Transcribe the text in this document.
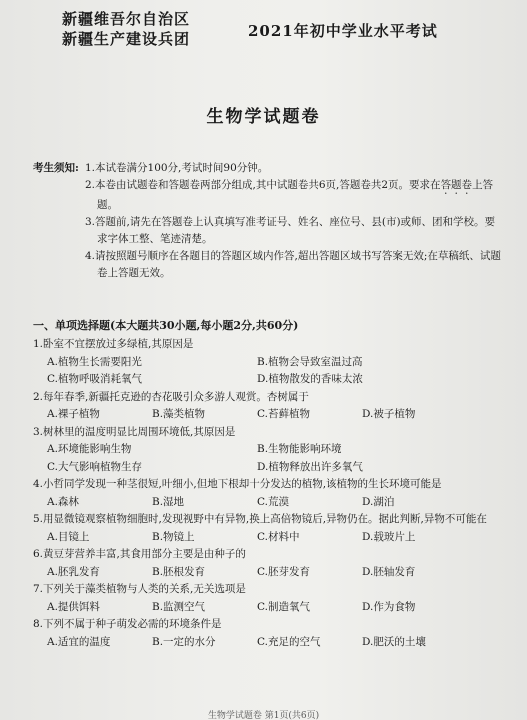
新疆维吾尔自治区
新疆生产建设兵团	2021年初中学业水平考试
生物学试题卷
考生须知: 1.本试卷满分100分,考试时间90分钟。
2.本卷由试题卷和答题卷两部分组成,其中试题卷共6页,答题卷共2页。要求在答题卷上答题。
3.答题前,请先在答题卷上认真填写准考证号、姓名、座位号、县(市)或师、团和学校。要求字体工整、笔迹清楚。
4.请按照题号顺序在各题目的答题区域内作答,超出答题区域书写答案无效;在草稿纸、试题卷上答题无效。
一、单项选择题(本大题共30小题,每小题2分,共60分)
1.卧室不宜摆放过多绿植,其原因是
A.植物生长需要阳光	B.植物会导致室温过高
C.植物呼吸消耗氧气	D.植物散发的香味太浓
2.每年春季,新疆托克逊的杏花吸引众多游人观赏。杏树属于
A.裸子植物	B.藻类植物	C.苔藓植物	D.被子植物
3.树林里的温度明显比周围环境低,其原因是
A.环境能影响生物	B.生物能影响环境
C.大气影响植物生存	D.植物释放出许多氧气
4.小哲同学发现一种茎很短,叶细小,但地下根却十分发达的植物,该植物的生长环境可能是
A.森林	B.湿地	C.荒漠	D.湖泊
5.用显微镜观察植物细胞时,发现视野中有异物,换上高倍物镜后,异物仍在。据此判断,异物不可能在
A.目镜上	B.物镜上	C.材料中	D.载玻片上
6.黄豆芽营养丰富,其食用部分主要是由种子的
A.胚乳发育	B.胚根发育	C.胚芽发育	D.胚轴发育
7.下列关于藻类植物与人类的关系,无关选项是
A.提供饵料	B.监测空气	C.制造氧气	D.作为食物
8.下列不属于种子萌发必需的环境条件是
A.适宜的温度	B.一定的水分	C.充足的空气	D.肥沃的土壤
生物学试题卷 第1页(共6页)
